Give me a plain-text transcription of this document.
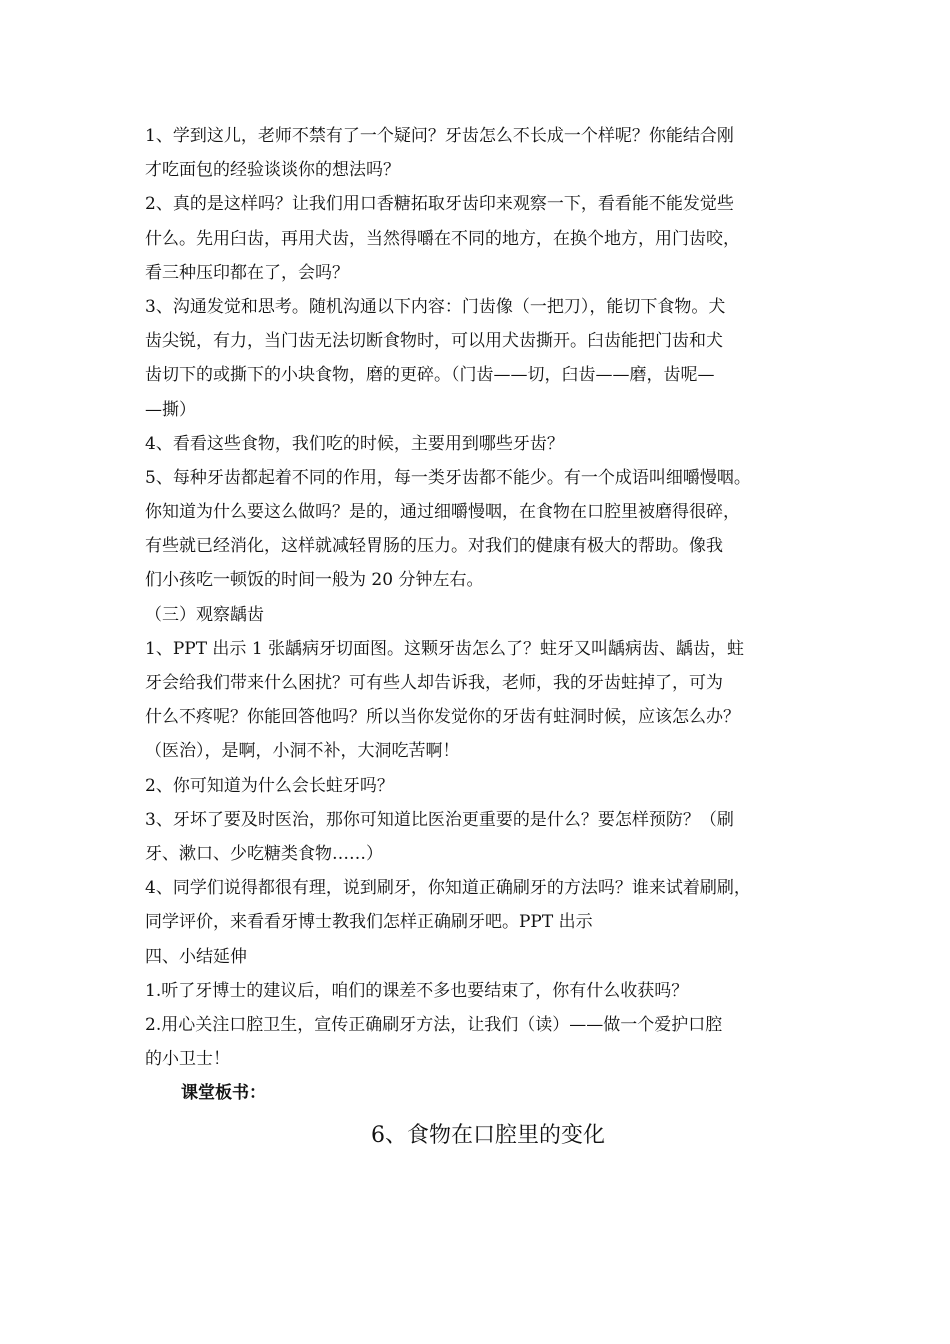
1、学到这儿，老师不禁有了一个疑问？牙齿怎么不长成一个样呢？你能结合刚
才吃面包的经验谈谈你的想法吗？
2、真的是这样吗？让我们用口香糖拓取牙齿印来观察一下，看看能不能发觉些
什么。先用臼齿，再用犬齿，当然得嚼在不同的地方，在换个地方，用门齿咬，
看三种压印都在了，会吗？
3、沟通发觉和思考。随机沟通以下内容：门齿像（一把刀），能切下食物。犬
齿尖锐，有力，当门齿无法切断食物时，可以用犬齿撕开。臼齿能把门齿和犬
齿切下的或撕下的小块食物，磨的更碎。（门齿——切，臼齿——磨，齿呢—
—撕）
4、看看这些食物，我们吃的时候，主要用到哪些牙齿？
5、每种牙齿都起着不同的作用，每一类牙齿都不能少。有一个成语叫细嚼慢咽。
你知道为什么要这么做吗？是的，通过细嚼慢咽，在食物在口腔里被磨得很碎，
有些就已经消化，这样就减轻胃肠的压力。对我们的健康有极大的帮助。像我
们小孩吃一顿饭的时间一般为 20 分钟左右。
（三）观察龋齿
1、PPT 出示 1 张龋病牙切面图。这颗牙齿怎么了？蛀牙又叫龋病齿、龋齿，蛀
牙会给我们带来什么困扰？可有些人却告诉我，老师，我的牙齿蛀掉了，可为
什么不疼呢？你能回答他吗？所以当你发觉你的牙齿有蛀洞时候，应该怎么办？
（医治），是啊，小洞不补，大洞吃苦啊！
2、你可知道为什么会长蛀牙吗？
3、牙坏了要及时医治，那你可知道比医治更重要的是什么？要怎样预防？（刷
牙、漱口、少吃糖类食物……）
4、同学们说得都很有理，说到刷牙，你知道正确刷牙的方法吗？谁来试着刷刷，
同学评价，来看看牙博士教我们怎样正确刷牙吧。PPT 出示
四、小结延伸
1.听了牙博士的建议后，咱们的课差不多也要结束了，你有什么收获吗？
2.用心关注口腔卫生，宣传正确刷牙方法，让我们（读）——做一个爱护口腔
的小卫士！
课堂板书：
6、食物在口腔里的变化
